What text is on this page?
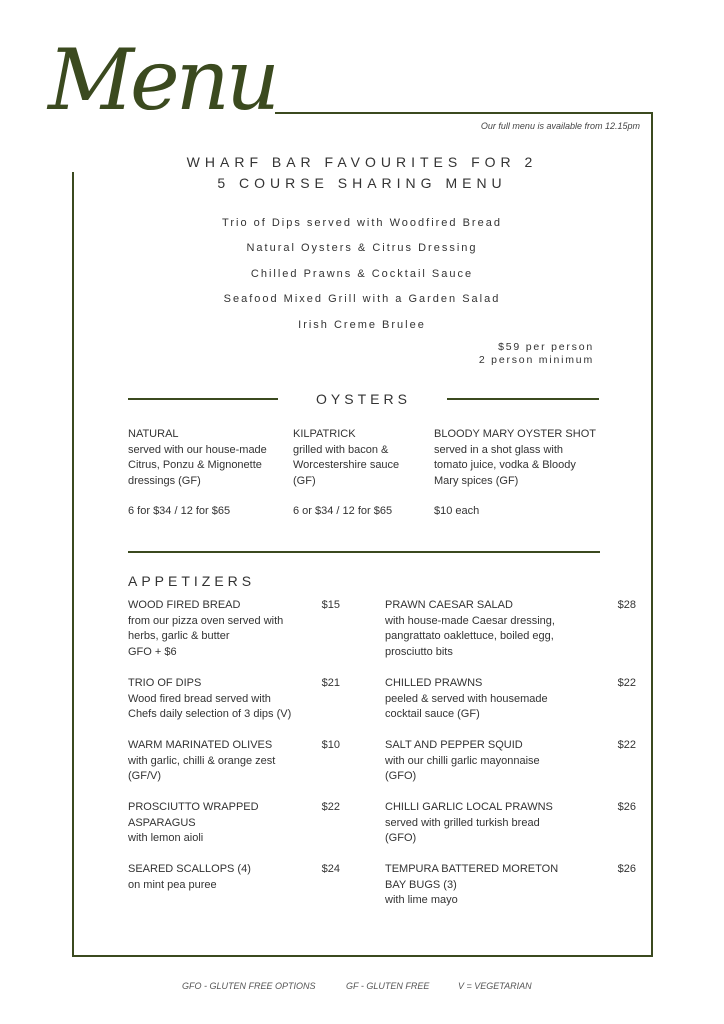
Menu	Our full menu is available from 12.15pm
WHARF BAR FAVOURITES FOR 2
5 COURSE SHARING MENU
Trio of Dips served with Woodfired Bread
Natural Oysters & Citrus Dressing
Chilled Prawns & Cocktail Sauce
Seafood Mixed Grill with a Garden Salad
Irish Creme Brulee
$59 per person
2 person minimum
OYSTERS
NATURAL
served with our house-made
Citrus, Ponzu & Mignonette
dressings (GF)
6 for $34 / 12 for $65
KILPATRICK
grilled with bacon &
Worcestershire sauce
(GF)
6 or $34 / 12 for $65
BLOODY MARY OYSTER SHOT
served in a shot glass with
tomato juice, vodka & Bloody
Mary spices (GF)
$10 each
APPETIZERS
WOOD FIRED BREAD
from our pizza oven served with
herbs, garlic & butter
GFO + $6
$15
TRIO OF DIPS
Wood fired bread served with
Chefs daily selection of 3 dips (V)
$21
WARM MARINATED OLIVES
with garlic, chilli & orange zest
(GF/V)
$10
PROSCIUTTO WRAPPED
ASPARAGUS
with lemon aioli
$22
SEARED SCALLOPS (4)
on mint pea puree
$24
PRAWN CAESAR SALAD
with house-made Caesar dressing,
pangrattato oaklettuce, boiled egg,
prosciutto bits
$28
CHILLED PRAWNS
peeled & served with housemade
cocktail sauce (GF)
$22
SALT AND PEPPER SQUID
with our chilli garlic mayonnaise
(GFO)
$22
CHILLI GARLIC LOCAL PRAWNS
served with grilled turkish bread
(GFO)
$26
TEMPURA BATTERED MORETON
BAY BUGS (3)
with lime mayo
$26
GFO - GLUTEN FREE OPTIONS	GF - GLUTEN FREE	V = VEGETARIAN
